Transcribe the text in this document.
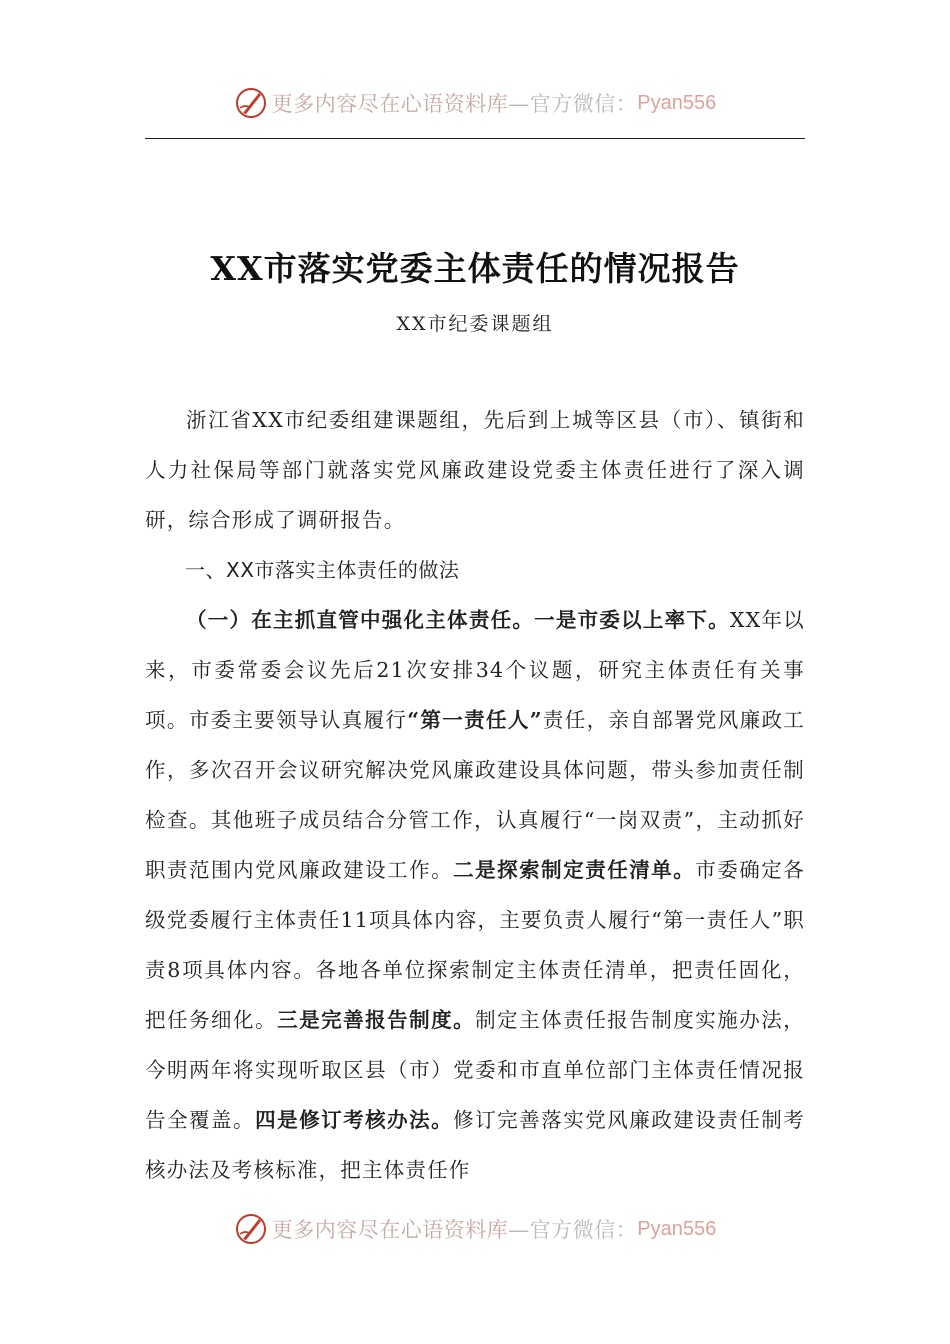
更多内容尽在心语资料库 —官方微信： Pyan556
XX市落实党委主体责任的情况报告
XX市纪委课题组

浙江省XX市纪委组建课题组，先后到上城等区县（市）、镇街和人力社保局等部门就落实党风廉政建设党委主体责任进行了深入调研，综合形成了调研报告。

一、XX市落实主体责任的做法

（一）在主抓直管中强化主体责任。一是市委以上率下。XX年以来，市委常委会议先后21次安排34个议题，研究主体责任有关事项。市委主要领导认真履行“第一责任人”责任，亲自部署党风廉政工作，多次召开会议研究解决党风廉政建设具体问题，带头参加责任制检查。其他班子成员结合分管工作，认真履行“一岗双责”，主动抓好职责范围内党风廉政建设工作。二是探索制定责任清单。市委确定各级党委履行主体责任11项具体内容，主要负责人履行“第一责任人”职责8项具体内容。各地各单位探索制定主体责任清单，把责任固化，把任务细化。三是完善报告制度。制定主体责任报告制度实施办法，今明两年将实现听取区县（市）党委和市直单位部门主体责任情况报告全覆盖。四是修订考核办法。修订完善落实党风廉政建设责任制考核办法及考核标准，把主体责任作

更多内容尽在心语资料库 —官方微信： Pyan556
